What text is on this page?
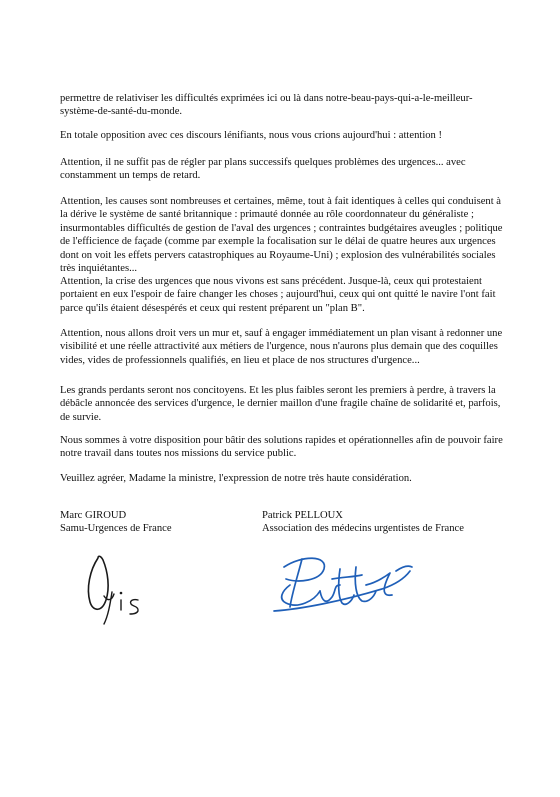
permettre de relativiser les difficultés exprimées ici ou là dans notre-beau-pays-qui-a-le-meilleur-système-de-santé-du-monde.

En totale opposition avec ces discours lénifiants, nous vous crions aujourd'hui : attention !

Attention, il ne suffit pas de régler par plans successifs quelques problèmes des urgences... avec constamment un temps de retard.

Attention, les causes sont nombreuses et certaines, même, tout à fait identiques à celles qui conduisent à la dérive le système de santé britannique : primauté donnée au rôle coordonnateur du généraliste ; insurmontables difficultés de gestion de l'aval des urgences ; contraintes budgétaires aveugles ; politique de l'efficience de façade (comme par exemple la focalisation sur le délai de quatre heures aux urgences dont on voit les effets pervers catastrophiques au Royaume-Uni) ; explosion des vulnérabilités sociales très inquiétantes...

Attention, la crise des urgences que nous vivons est sans précédent. Jusque-là, ceux qui protestaient portaient en eux l'espoir de faire changer les choses ; aujourd'hui, ceux qui ont quitté le navire l'ont fait parce qu'ils étaient désespérés et ceux qui restent préparent un "plan B".

Attention, nous allons droit vers un mur et, sauf à engager immédiatement un plan visant à redonner une visibilité et une réelle attractivité aux métiers de l'urgence, nous n'aurons plus demain que des coquilles vides, vides de professionnels qualifiés, en lieu et place de nos structures d'urgence...

Les grands perdants seront nos concitoyens. Et les plus faibles seront les premiers à perdre, à travers la débâcle annoncée des services d'urgence, le dernier maillon d'une fragile chaîne de solidarité et, parfois, de survie.

Nous sommes à votre disposition pour bâtir des solutions rapides et opérationnelles afin de pouvoir faire notre travail dans toutes nos missions du service public.

Veuillez agréer, Madame la ministre, l'expression de notre très haute considération.

Marc GIROUD
Samu-Urgences de France
Patrick PELLOUX
Association des médecins urgentistes de France
